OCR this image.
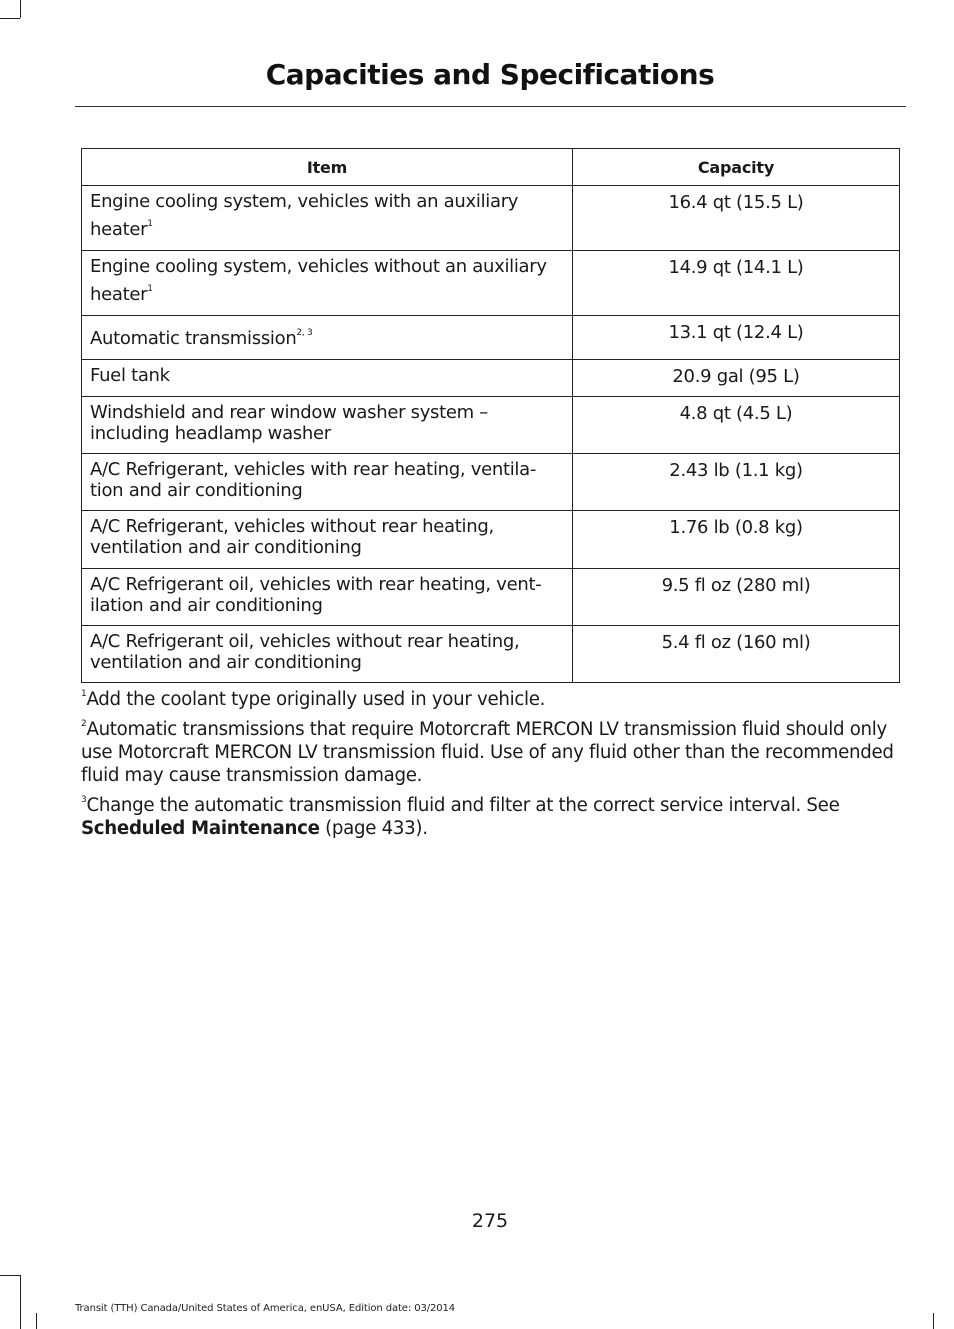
Capacities and Specifications
Item	Capacity
Engine cooling system, vehicles with an auxiliary heater$^1$	16.4 qt (15.5 L)
Engine cooling system, vehicles without an auxiliary heater$^1$	14.9 qt (14.1 L)
Automatic transmission$^{2, 3}$	13.1 qt (12.4 L)
Fuel tank	20.9 gal (95 L)
Windshield and rear window washer system – including headlamp washer	4.8 qt (4.5 L)
A/C Refrigerant, vehicles with rear heating, ventila-tion and air conditioning	2.43 lb (1.1 kg)
A/C Refrigerant, vehicles without rear heating, ventilation and air conditioning	1.76 lb (0.8 kg)
A/C Refrigerant oil, vehicles with rear heating, vent-ilation and air conditioning	9.5 fl oz (280 ml)
A/C Refrigerant oil, vehicles without rear heating, ventilation and air conditioning	5.4 fl oz (160 ml)

$^1$Add the coolant type originally used in your vehicle.

$^2$Automatic transmissions that require Motorcraft MERCON LV transmission fluid should only use Motorcraft MERCON LV transmission fluid. Use of any fluid other than the recommended fluid may cause transmission damage.

$^3$Change the automatic transmission fluid and filter at the correct service interval. See Scheduled Maintenance (page 433).

275
Transit (TTH) Canada/United States of America, enUSA, Edition date: 03/2014
